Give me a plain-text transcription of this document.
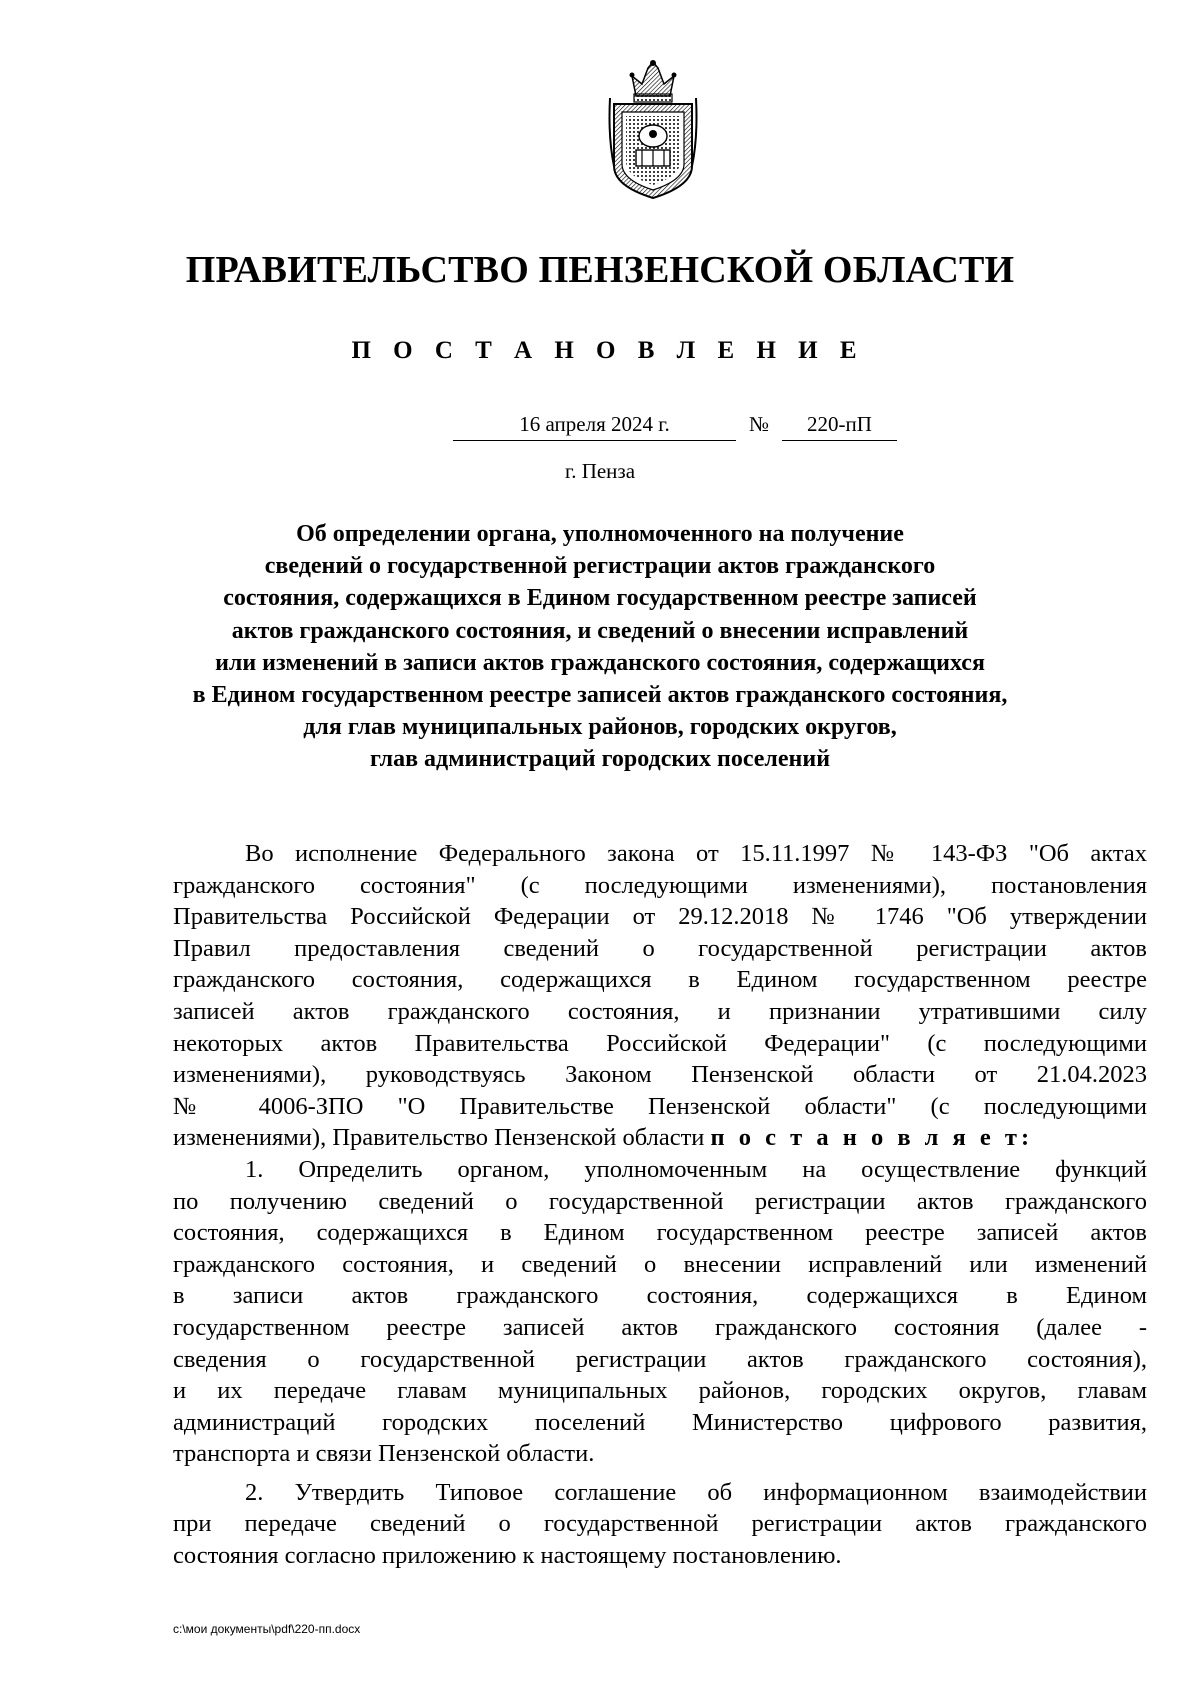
ПРАВИТЕЛЬСТВО ПЕНЗЕНСКОЙ ОБЛАСТИ
П О С Т А Н О В Л Е Н И Е
16 апреля 2024 г.	№	220-пП
г. Пенза
Об определении органа, уполномоченного на получение
сведений о государственной регистрации актов гражданского
состояния, содержащихся в Едином государственном реестре записей
актов гражданского состояния, и сведений о внесении исправлений
или изменений в записи актов гражданского состояния, содержащихся
в Едином государственном реестре записей актов гражданского состояния,
для глав муниципальных районов, городских округов,
глав администраций городских поселений
Во исполнение Федерального закона от 15.11.1997 № 143-ФЗ "Об актах
гражданского состояния" (с последующими изменениями), постановления
Правительства Российской Федерации от 29.12.2018 № 1746 "Об утверждении
Правил предоставления сведений о государственной регистрации актов
гражданского состояния, содержащихся в Едином государственном реестре
записей актов гражданского состояния, и признании утратившими силу
некоторых актов Правительства Российской Федерации" (с последующими
изменениями), руководствуясь Законом Пензенской области от 21.04.2023
№ 4006-ЗПО "О Правительстве Пензенской области" (с последующими
изменениями), Правительство Пензенской области п о с т а н о в л я е т:
1. Определить органом, уполномоченным на осуществление функций
по получению сведений о государственной регистрации актов гражданского
состояния, содержащихся в Едином государственном реестре записей актов
гражданского состояния, и сведений о внесении исправлений или изменений
в записи актов гражданского состояния, содержащихся в Едином
государственном реестре записей актов гражданского состояния (далее -
сведения о государственной регистрации актов гражданского состояния),
и их передаче главам муниципальных районов, городских округов, главам
администраций городских поселений Министерство цифрового развития,
транспорта и связи Пензенской области.
2. Утвердить Типовое соглашение об информационном взаимодействии
при передаче сведений о государственной регистрации актов гражданского
состояния согласно приложению к настоящему постановлению.
c:\мои документы\pdf\220-пп.docx
